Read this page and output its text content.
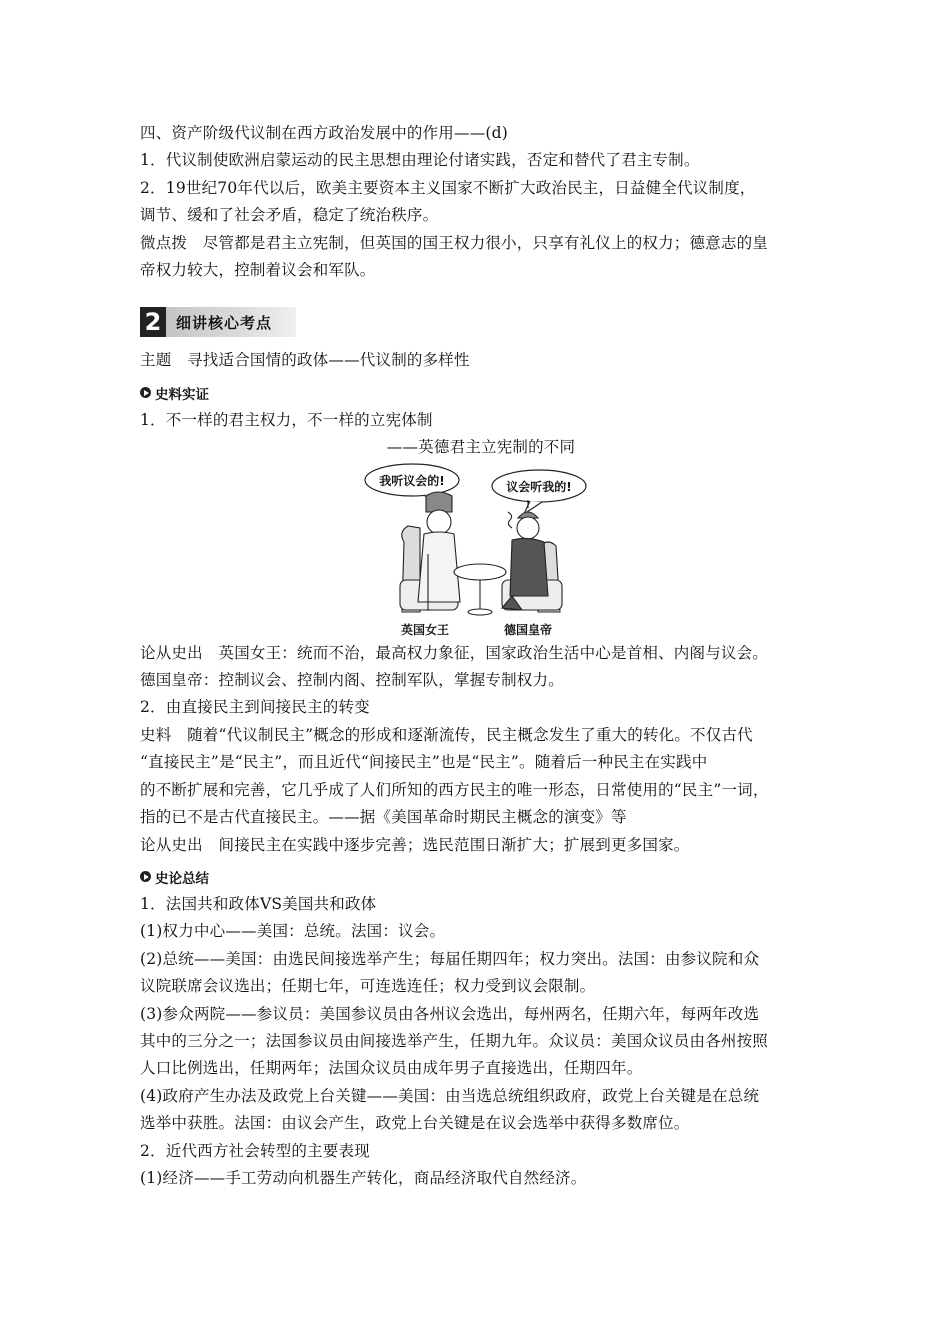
四、资产阶级代议制在西方政治发展中的作用——(d)

1．代议制使欧洲启蒙运动的民主思想由理论付诸实践，否定和替代了君主专制。

2．19世纪70年代以后，欧美主要资本主义国家不断扩大政治民主，日益健全代议制度，

调节、缓和了社会矛盾，稳定了统治秩序。

微点拨　尽管都是君主立宪制，但英国的国王权力很小，只享有礼仪上的权力；德意志的皇

帝权力较大，控制着议会和军队。

2 细讲核心考点

主题　寻找适合国情的政体——代议制的多样性

史料实证

1．不一样的君主权力，不一样的立宪体制

——英德君主立宪制的不同

我听议会的!	议会听我的!
英国女王	德国皇帝

论从史出　英国女王：统而不治，最高权力象征，国家政治生活中心是首相、内阁与议会。

德国皇帝：控制议会、控制内阁、控制军队，掌握专制权力。

2．由直接民主到间接民主的转变

史料　随着“代议制民主”概念的形成和逐渐流传，民主概念发生了重大的转化。不仅古代

“直接民主”是“民主”，而且近代“间接民主”也是“民主”。随着后一种民主在实践中

的不断扩展和完善，它几乎成了人们所知的西方民主的唯一形态，日常使用的“民主”一词，

指的已不是古代直接民主。——据《美国革命时期民主概念的演变》等

论从史出　间接民主在实践中逐步完善；选民范围日渐扩大；扩展到更多国家。

史论总结

1．法国共和政体VS美国共和政体

(1)权力中心——美国：总统。法国：议会。

(2)总统——美国：由选民间接选举产生；每届任期四年；权力突出。法国：由参议院和众

议院联席会议选出；任期七年，可连选连任；权力受到议会限制。

(3)参众两院——参议员：美国参议员由各州议会选出，每州两名，任期六年，每两年改选

其中的三分之一；法国参议员由间接选举产生，任期九年。众议员：美国众议员由各州按照

人口比例选出，任期两年；法国众议员由成年男子直接选出，任期四年。

(4)政府产生办法及政党上台关键——美国：由当选总统组织政府，政党上台关键是在总统

选举中获胜。法国：由议会产生，政党上台关键是在议会选举中获得多数席位。

2．近代西方社会转型的主要表现

(1)经济——手工劳动向机器生产转化，商品经济取代自然经济。
